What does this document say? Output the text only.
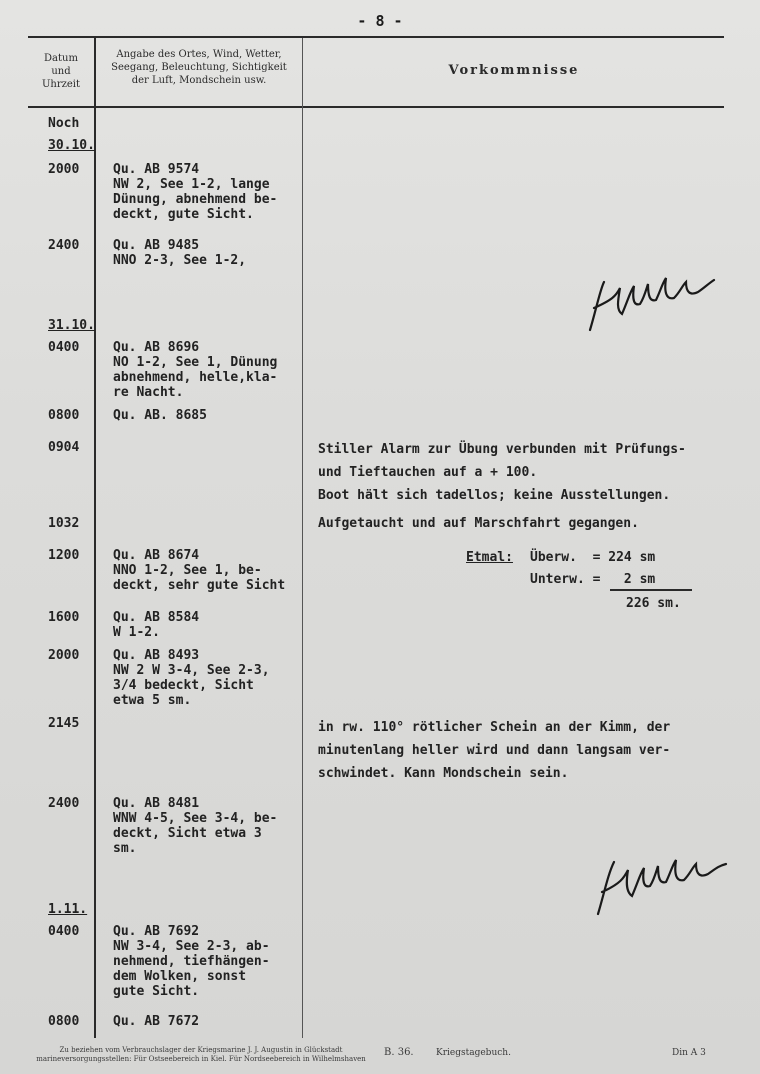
- 8 -
Datum
und
Uhrzeit
Angabe des Ortes, Wind, Wetter,
Seegang, Beleuchtung, Sichtigkeit
der Luft, Mondschein usw.
Vorkommnisse
Noch
30.10.
2000
2400
31.10.
0400
0800
0904
1032
1200
1600
2000
2145
2400
1.11.
0400
0800
Qu. AB 9574
NW 2, See 1-2, lange
Dünung, abnehmend be-
deckt, gute Sicht.
Qu. AB 9485
NNO 2-3, See 1-2,
Qu. AB 8696
NO 1-2, See 1, Dünung
abnehmend, helle,kla-
re Nacht.
Qu. AB. 8685
Qu. AB 8674
NNO 1-2, See 1, be-
deckt, sehr gute Sicht
Qu. AB 8584
W 1-2.
Qu. AB 8493
NW 2 W 3-4, See 2-3,
3/4 bedeckt, Sicht
etwa 5 sm.
Qu. AB 8481
WNW 4-5, See 3-4, be-
deckt, Sicht etwa 3
sm.
Qu. AB 7692
NW 3-4, See 2-3, ab-
nehmend, tiefhängen-
dem Wolken, sonst
gute Sicht.
Qu. AB 7672
Stiller Alarm zur Übung verbunden mit Prüfungs-
und Tieftauchen auf a + 100.
Boot hält sich tadellos; keine Ausstellungen.
Aufgetaucht und auf Marschfahrt gegangen.
Etmal: Überw.  = 224 sm
Unterw. =   2 sm
226 sm.
in rw. 110° rötlicher Schein an der Kimm, der
minutenlang heller wird und dann langsam ver-
schwindet. Kann Mondschein sein.
Zu beziehen vom Verbrauchslager der Kriegsmarine J. J. Augustin in Glückstadt
marineversorgungsstellen: Für Ostseebereich in Kiel. Für Nordseebereich in Wilhelmshaven
B. 36. Kriegstagebuch.	Din A 3
